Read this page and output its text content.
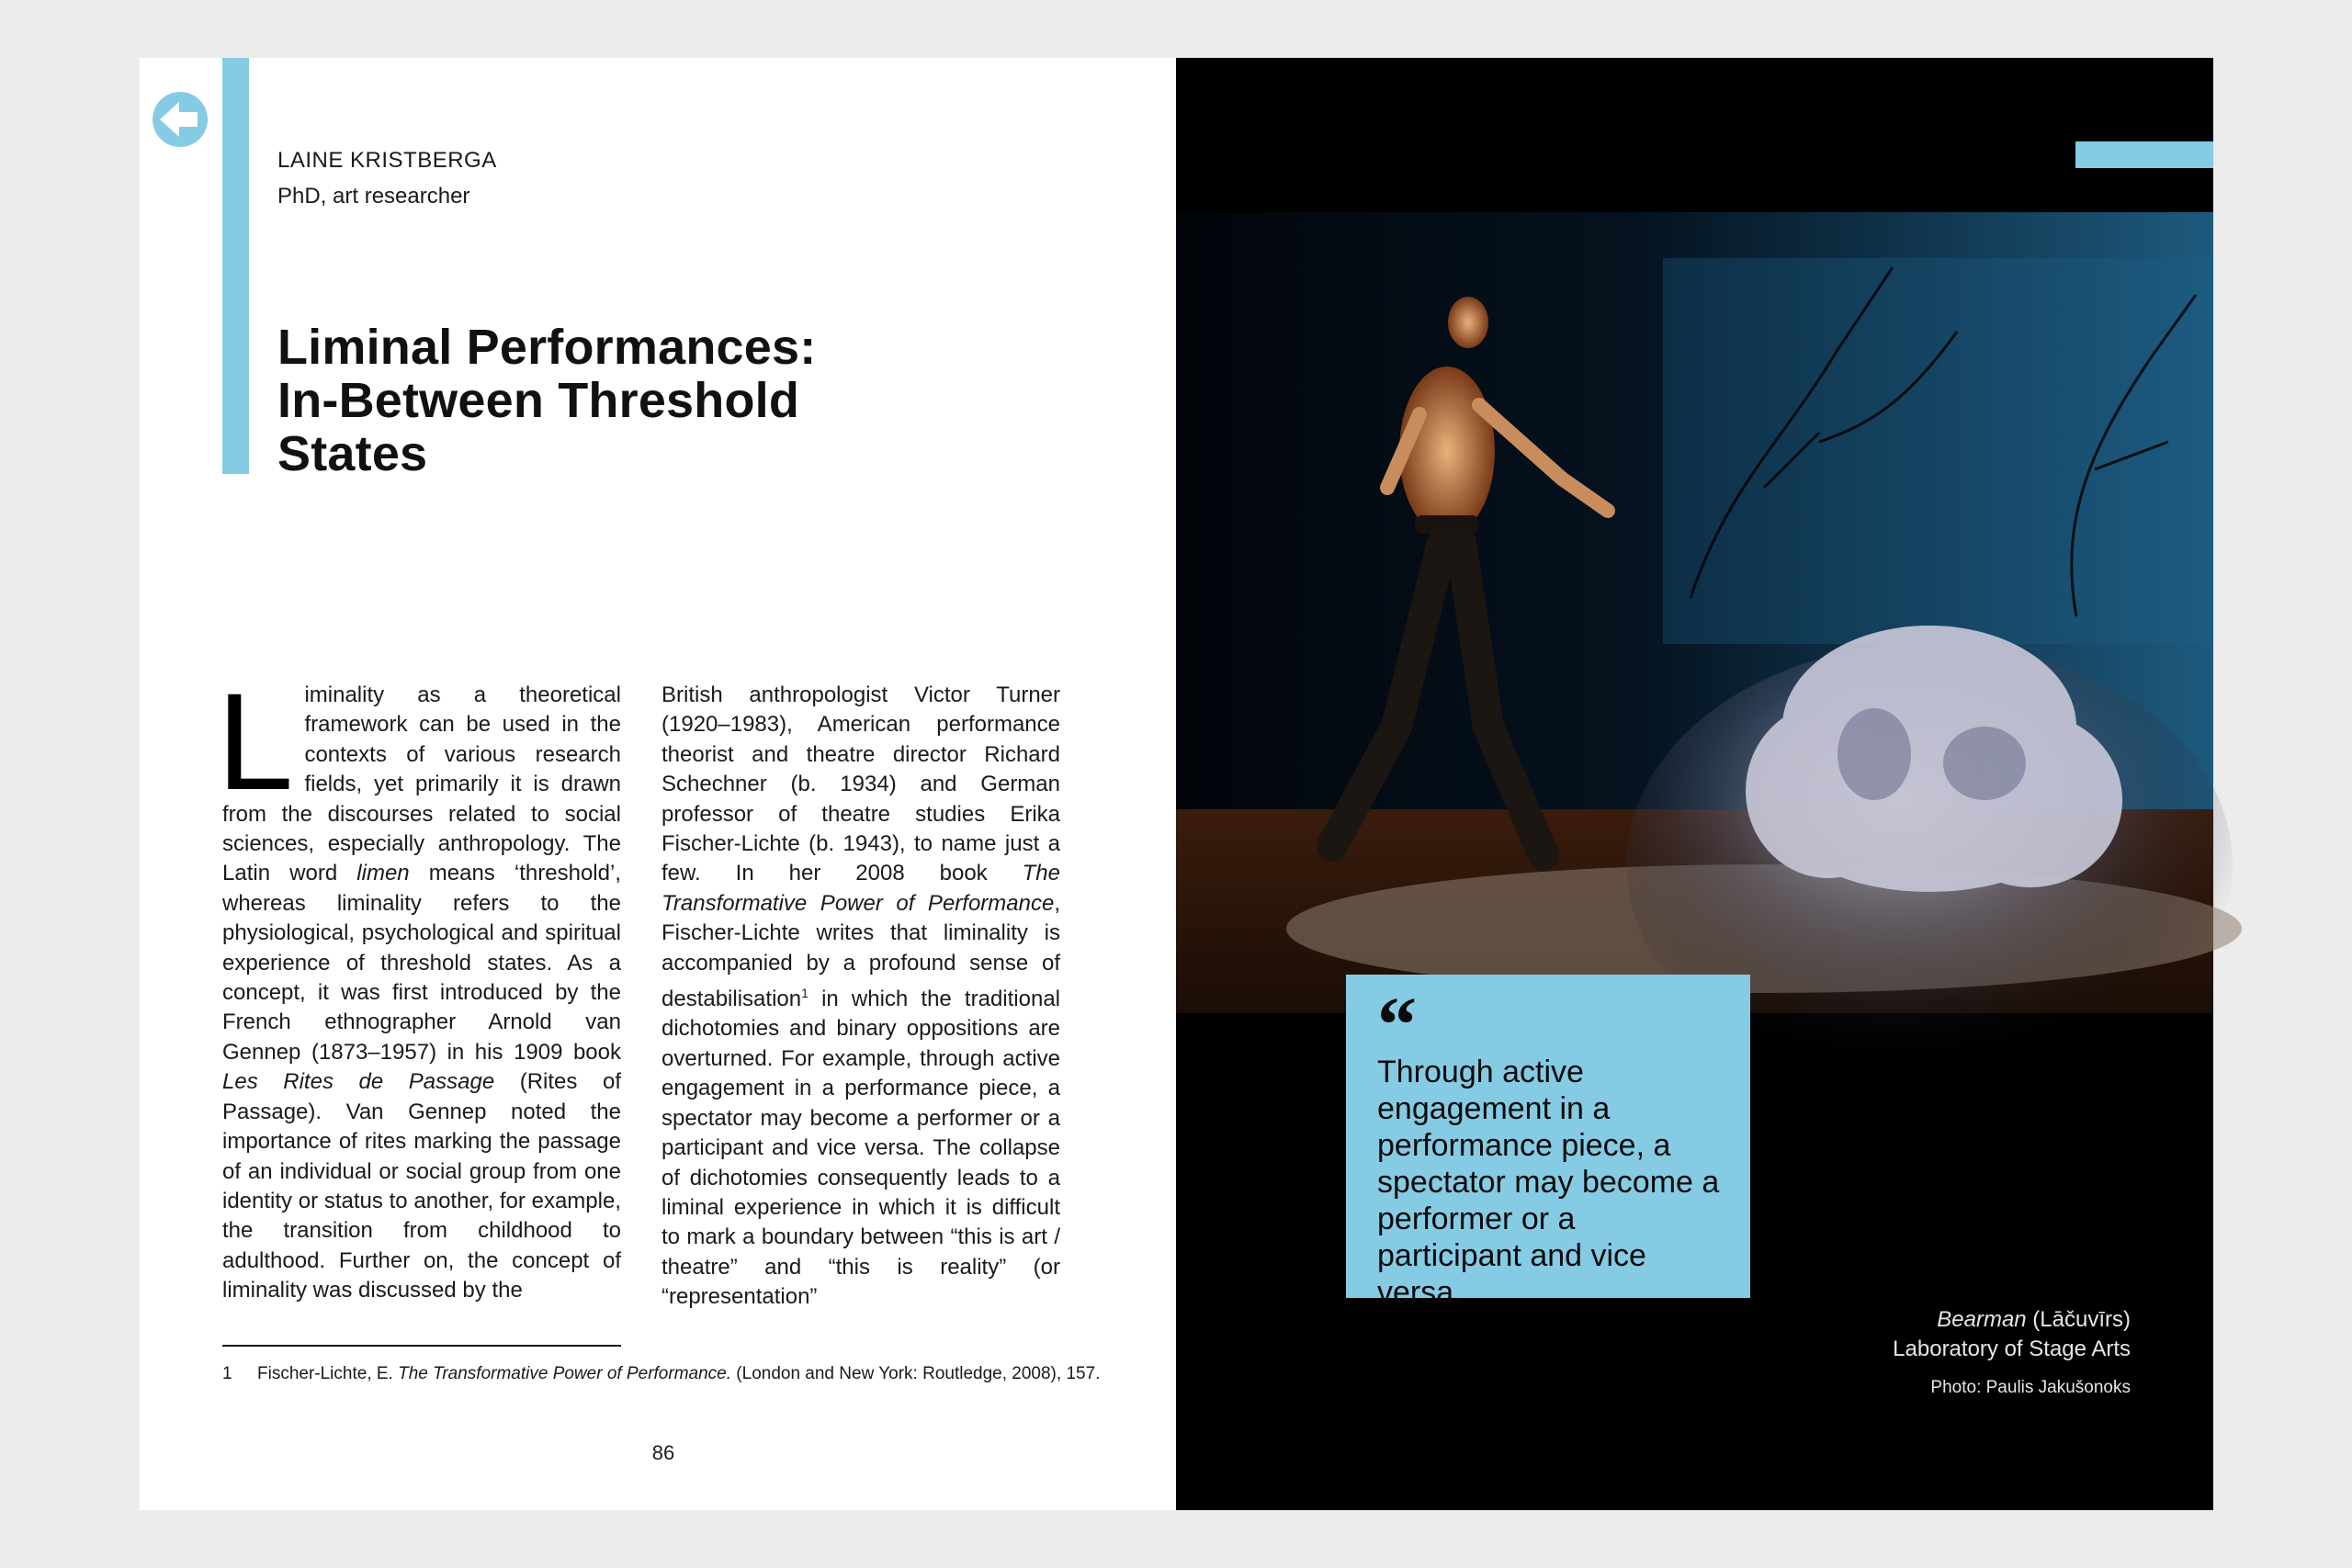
LAINE KRISTBERGA
PhD, art researcher
Liminal Performances:
In-Between Threshold
States
L iminality as a theoretical framework can be used in the contexts of various research fields, yet primarily it is drawn from the discourses related to social sciences, especially anthropology. The Latin word limen means ‘threshold’, whereas liminality refers to the physiological, psychological and spiritual experience of threshold states. As a concept, it was first introduced by the French ethnographer Arnold van Gennep (1873–1957) in his 1909 book Les Rites de Passage (Rites of Passage). Van Gennep noted the importance of rites marking the passage of an individual or social group from one identity or status to another, for example, the transition from childhood to adulthood. Further on, the concept of liminality was discussed by the

British anthropologist Victor Turner (1920–1983), American performance theorist and theatre director Richard Schechner (b. 1934) and German professor of theatre studies Erika Fischer-Lichte (b. 1943), to name just a few. In her 2008 book The Transformative Power of Performance, Fischer-Lichte writes that liminality is accompanied by a profound sense of destabilisation$^1$ in which the traditional dichotomies and binary oppositions are overturned. For example, through active engagement in a performance piece, a spectator may become a performer or a participant and vice versa. The collapse of dichotomies consequently leads to a liminal experience in which it is difficult to mark a boundary between “this is art / theatre” and “this is reality” (or “representation”

1 Fischer-Lichte, E. The Transformative Power of Performance. (London and New York: Routledge, 2008), 157.
86
“
Through active engagement in a performance piece, a spectator may become a performer or a participant and vice versa.
Bearman (Lāčuvīrs)
Laboratory of Stage Arts
Photo: Paulis Jakušonoks
